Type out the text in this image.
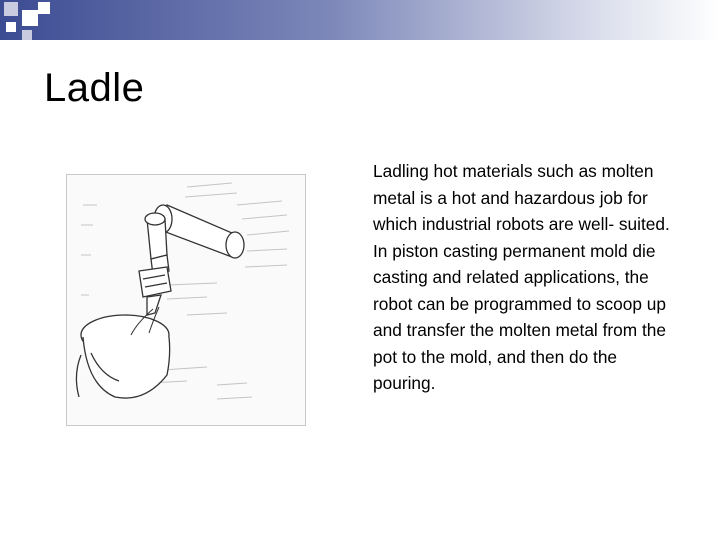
Ladle
Ladling hot materials such as molten metal is a hot and hazardous job for which industrial robots are well- suited. In piston casting permanent mold die casting and related applications, the robot can be programmed to scoop up and transfer the molten metal from the pot to the mold, and then do the pouring.
